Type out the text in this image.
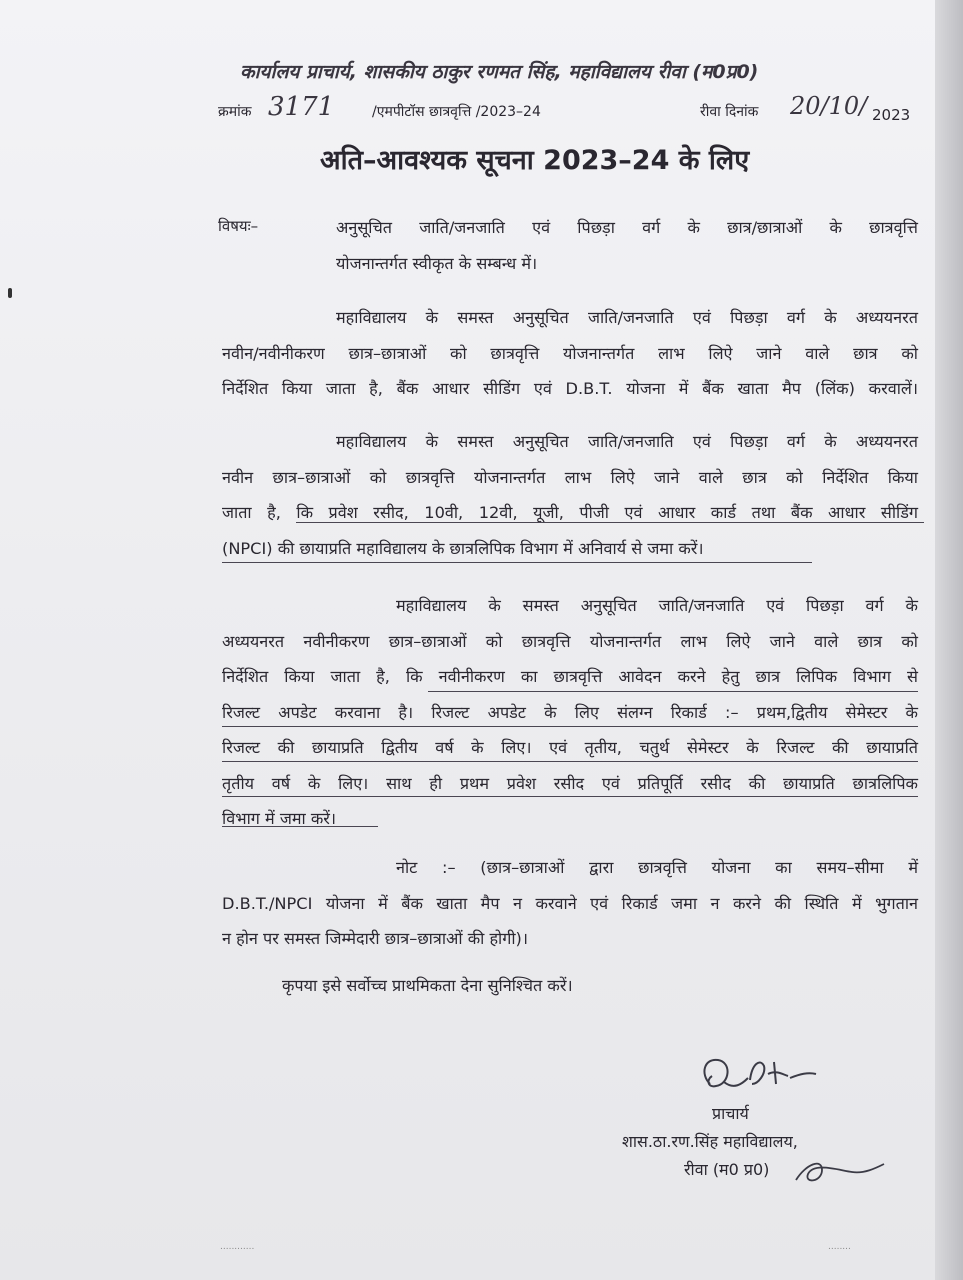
कार्यालय प्राचार्य, शासकीय ठाकुर रणमत सिंह, महाविद्यालय रीवा (म0प्र0)
क्रमांक 3171	/एमपीटॉस छात्रवृत्ति /2023–24	रीवा दिनांक 20/10/ 2023
अति–आवश्यक सूचना 2023–24 के लिए
विषयः–	अनुसूचित जाति/जनजाति एवं पिछड़ा वर्ग के छात्र/छात्राओं के छात्रवृत्ति
योजनान्तर्गत स्वीकृत के सम्बन्ध में।
महाविद्यालय के समस्त अनुसूचित जाति/जनजाति एवं पिछड़ा वर्ग के अध्ययनरत
नवीन/नवीनीकरण छात्र–छात्राओं को छात्रवृत्ति योजनान्तर्गत लाभ लिऐ जाने वाले छात्र को
निर्देशित किया जाता है, बैंक आधार सीडिंग एवं D.B.T. योजना में बैंक खाता मैप (लिंक) करवालें।
महाविद्यालय के समस्त अनुसूचित जाति/जनजाति एवं पिछड़ा वर्ग के अध्ययनरत
नवीन छात्र–छात्राओं को छात्रवृत्ति योजनान्तर्गत लाभ लिऐ जाने वाले छात्र को निर्देशित किया
जाता है, कि प्रवेश रसीद, 10वी, 12वी, यूजी, पीजी एवं आधार कार्ड तथा बैंक आधार सीडिंग
(NPCI) की छायाप्रति महाविद्यालय के छात्रलिपिक विभाग में अनिवार्य से जमा करें।
महाविद्यालय के समस्त अनुसूचित जाति/जनजाति एवं पिछड़ा वर्ग के
अध्ययनरत नवीनीकरण छात्र–छात्राओं को छात्रवृत्ति योजनान्तर्गत लाभ लिऐ जाने वाले छात्र को
निर्देशित किया जाता है, कि नवीनीकरण का छात्रवृत्ति आवेदन करने हेतु छात्र लिपिक विभाग से
रिजल्ट अपडेट करवाना है। रिजल्ट अपडेट के लिए संलग्न रिकार्ड :– प्रथम,द्वितीय सेमेस्टर के
रिजल्ट की छायाप्रति द्वितीय वर्ष के लिए। एवं तृतीय, चतुर्थ सेमेस्टर के रिजल्ट की छायाप्रति
तृतीय वर्ष के लिए। साथ ही प्रथम प्रवेश रसीद एवं प्रतिपूर्ति रसीद की छायाप्रति छात्रलिपिक
विभाग में जमा करें।
नोट :– (छात्र–छात्राओं द्वारा छात्रवृत्ति योजना का समय–सीमा में
D.B.T./NPCI योजना में बैंक खाता मैप न करवाने एवं रिकार्ड जमा न करने की स्थिति में भुगतान
न होन पर समस्त जिम्मेदारी छात्र–छात्राओं की होगी)।
कृपया इसे सर्वोच्च प्राथमिकता देना सुनिश्चित करें।
प्राचार्य
शास.ठा.रण.सिंह महाविद्यालय,
रीवा (म0 प्र0)
............	........
